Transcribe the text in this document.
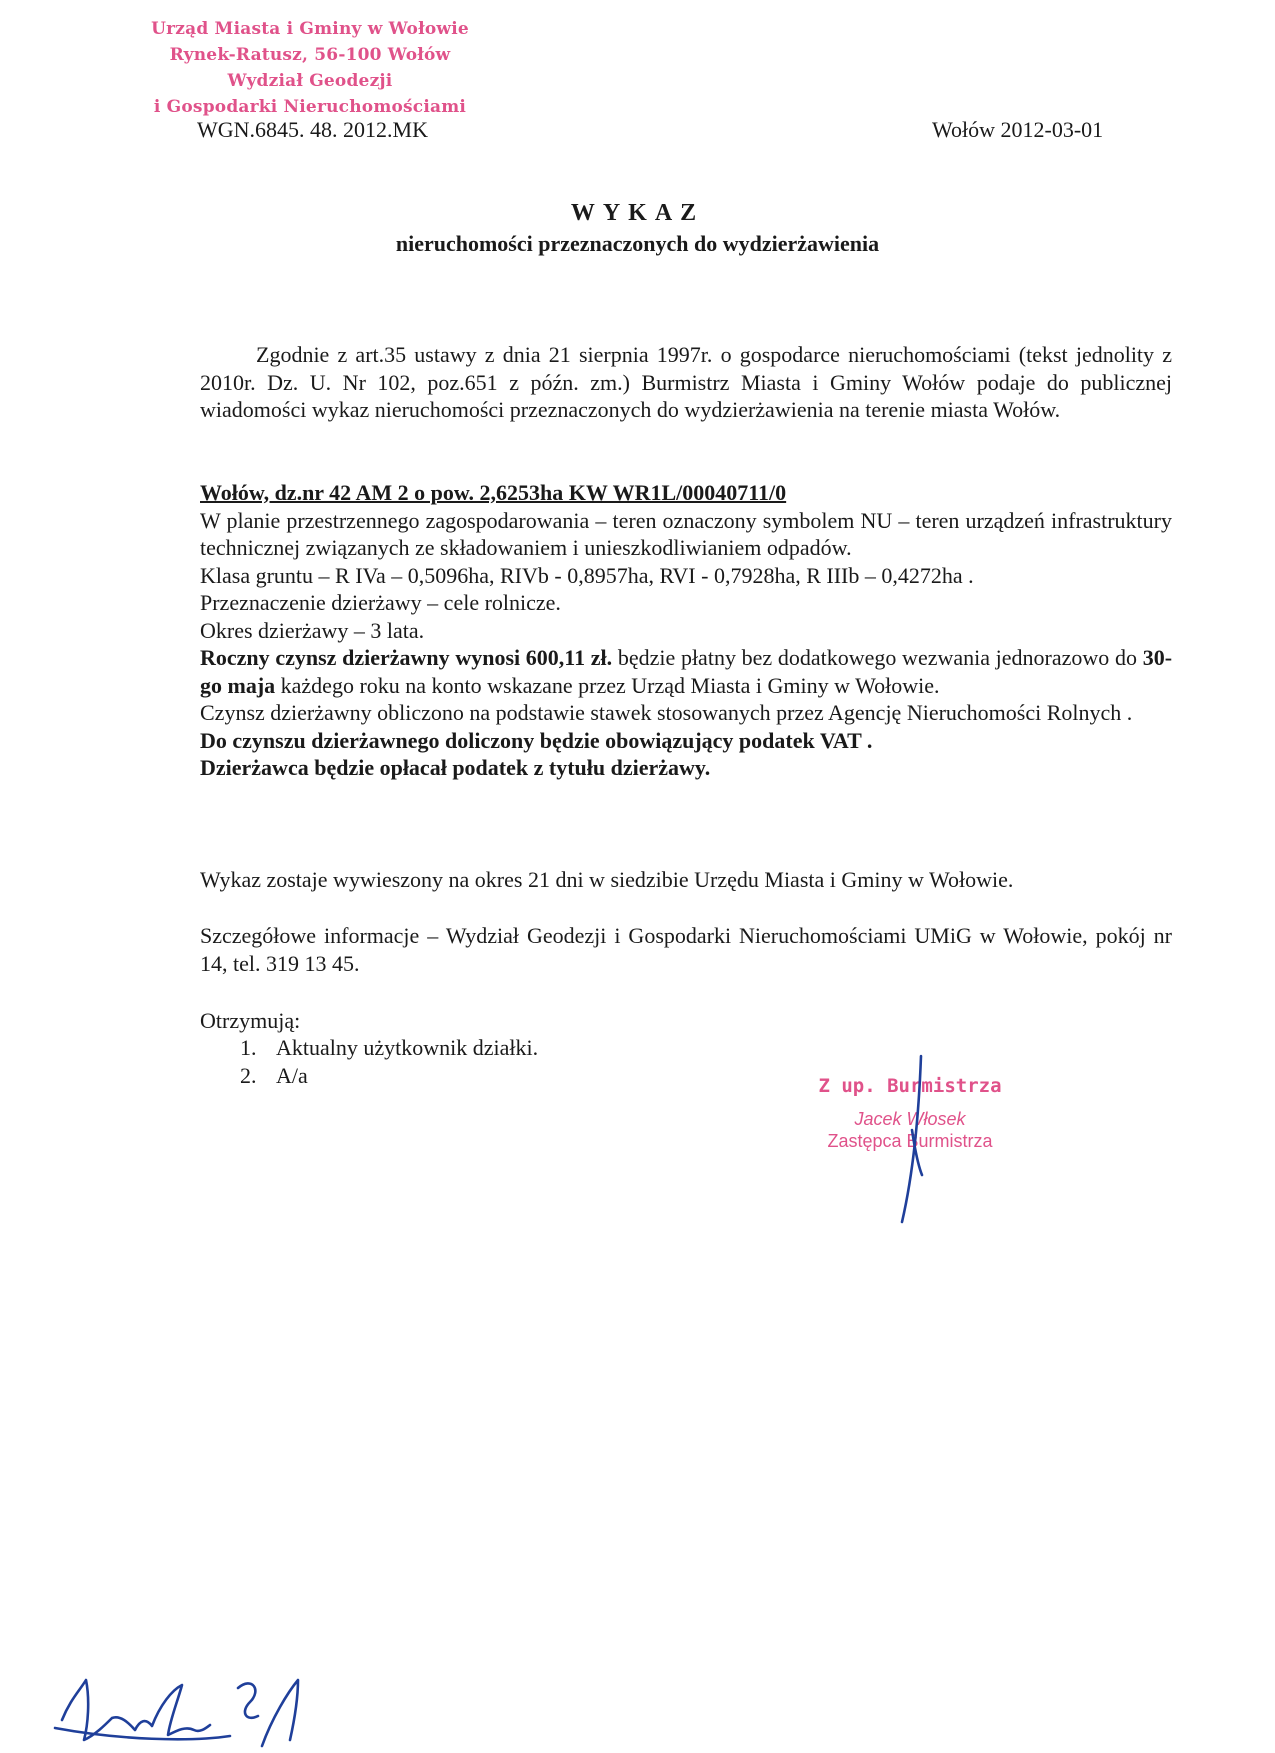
Urząd Miasta i Gminy w Wołowie
Rynek-Ratusz, 56-100 Wołów
Wydział Geodezji
i Gospodarki Nieruchomościami
WGN.6845. 48. 2012.MK	Wołów 2012-03-01
WYKAZ
nieruchomości przeznaczonych do wydzierżawienia
Zgodnie z art.35 ustawy z dnia 21 sierpnia 1997r. o gospodarce nieruchomościami (tekst jednolity z 2010r. Dz. U. Nr 102, poz.651 z późn. zm.) Burmistrz Miasta i Gminy Wołów podaje do publicznej wiadomości wykaz nieruchomości przeznaczonych do wydzierżawienia na terenie miasta Wołów.
Wołów, dz.nr 42 AM 2 o pow. 2,6253ha KW WR1L/00040711/0
W planie przestrzennego zagospodarowania – teren oznaczony symbolem NU – teren urządzeń infrastruktury technicznej związanych ze składowaniem i unieszkodliwianiem odpadów.
Klasa gruntu – R IVa – 0,5096ha, RIVb - 0,8957ha, RVI - 0,7928ha, R IIIb – 0,4272ha .
Przeznaczenie dzierżawy – cele rolnicze.
Okres dzierżawy – 3 lata.
Roczny czynsz dzierżawny wynosi 600,11 zł. będzie płatny bez dodatkowego wezwania jednorazowo do 30-go maja każdego roku na konto wskazane przez Urząd Miasta i Gminy w Wołowie.
Czynsz dzierżawny obliczono na podstawie stawek stosowanych przez Agencję Nieruchomości Rolnych .
Do czynszu dzierżawnego doliczony będzie obowiązujący podatek VAT .
Dzierżawca będzie opłacał podatek z tytułu dzierżawy.
Wykaz zostaje wywieszony na okres 21 dni w siedzibie Urzędu Miasta i Gminy w Wołowie.
Szczegółowe informacje – Wydział Geodezji i Gospodarki Nieruchomościami UMiG w Wołowie, pokój nr 14, tel. 319 13 45.
Otrzymują:
1. Aktualny użytkownik działki.
2. A/a	Z up. Burmistrza
Jacek Włosek
Zastępca Burmistrza
